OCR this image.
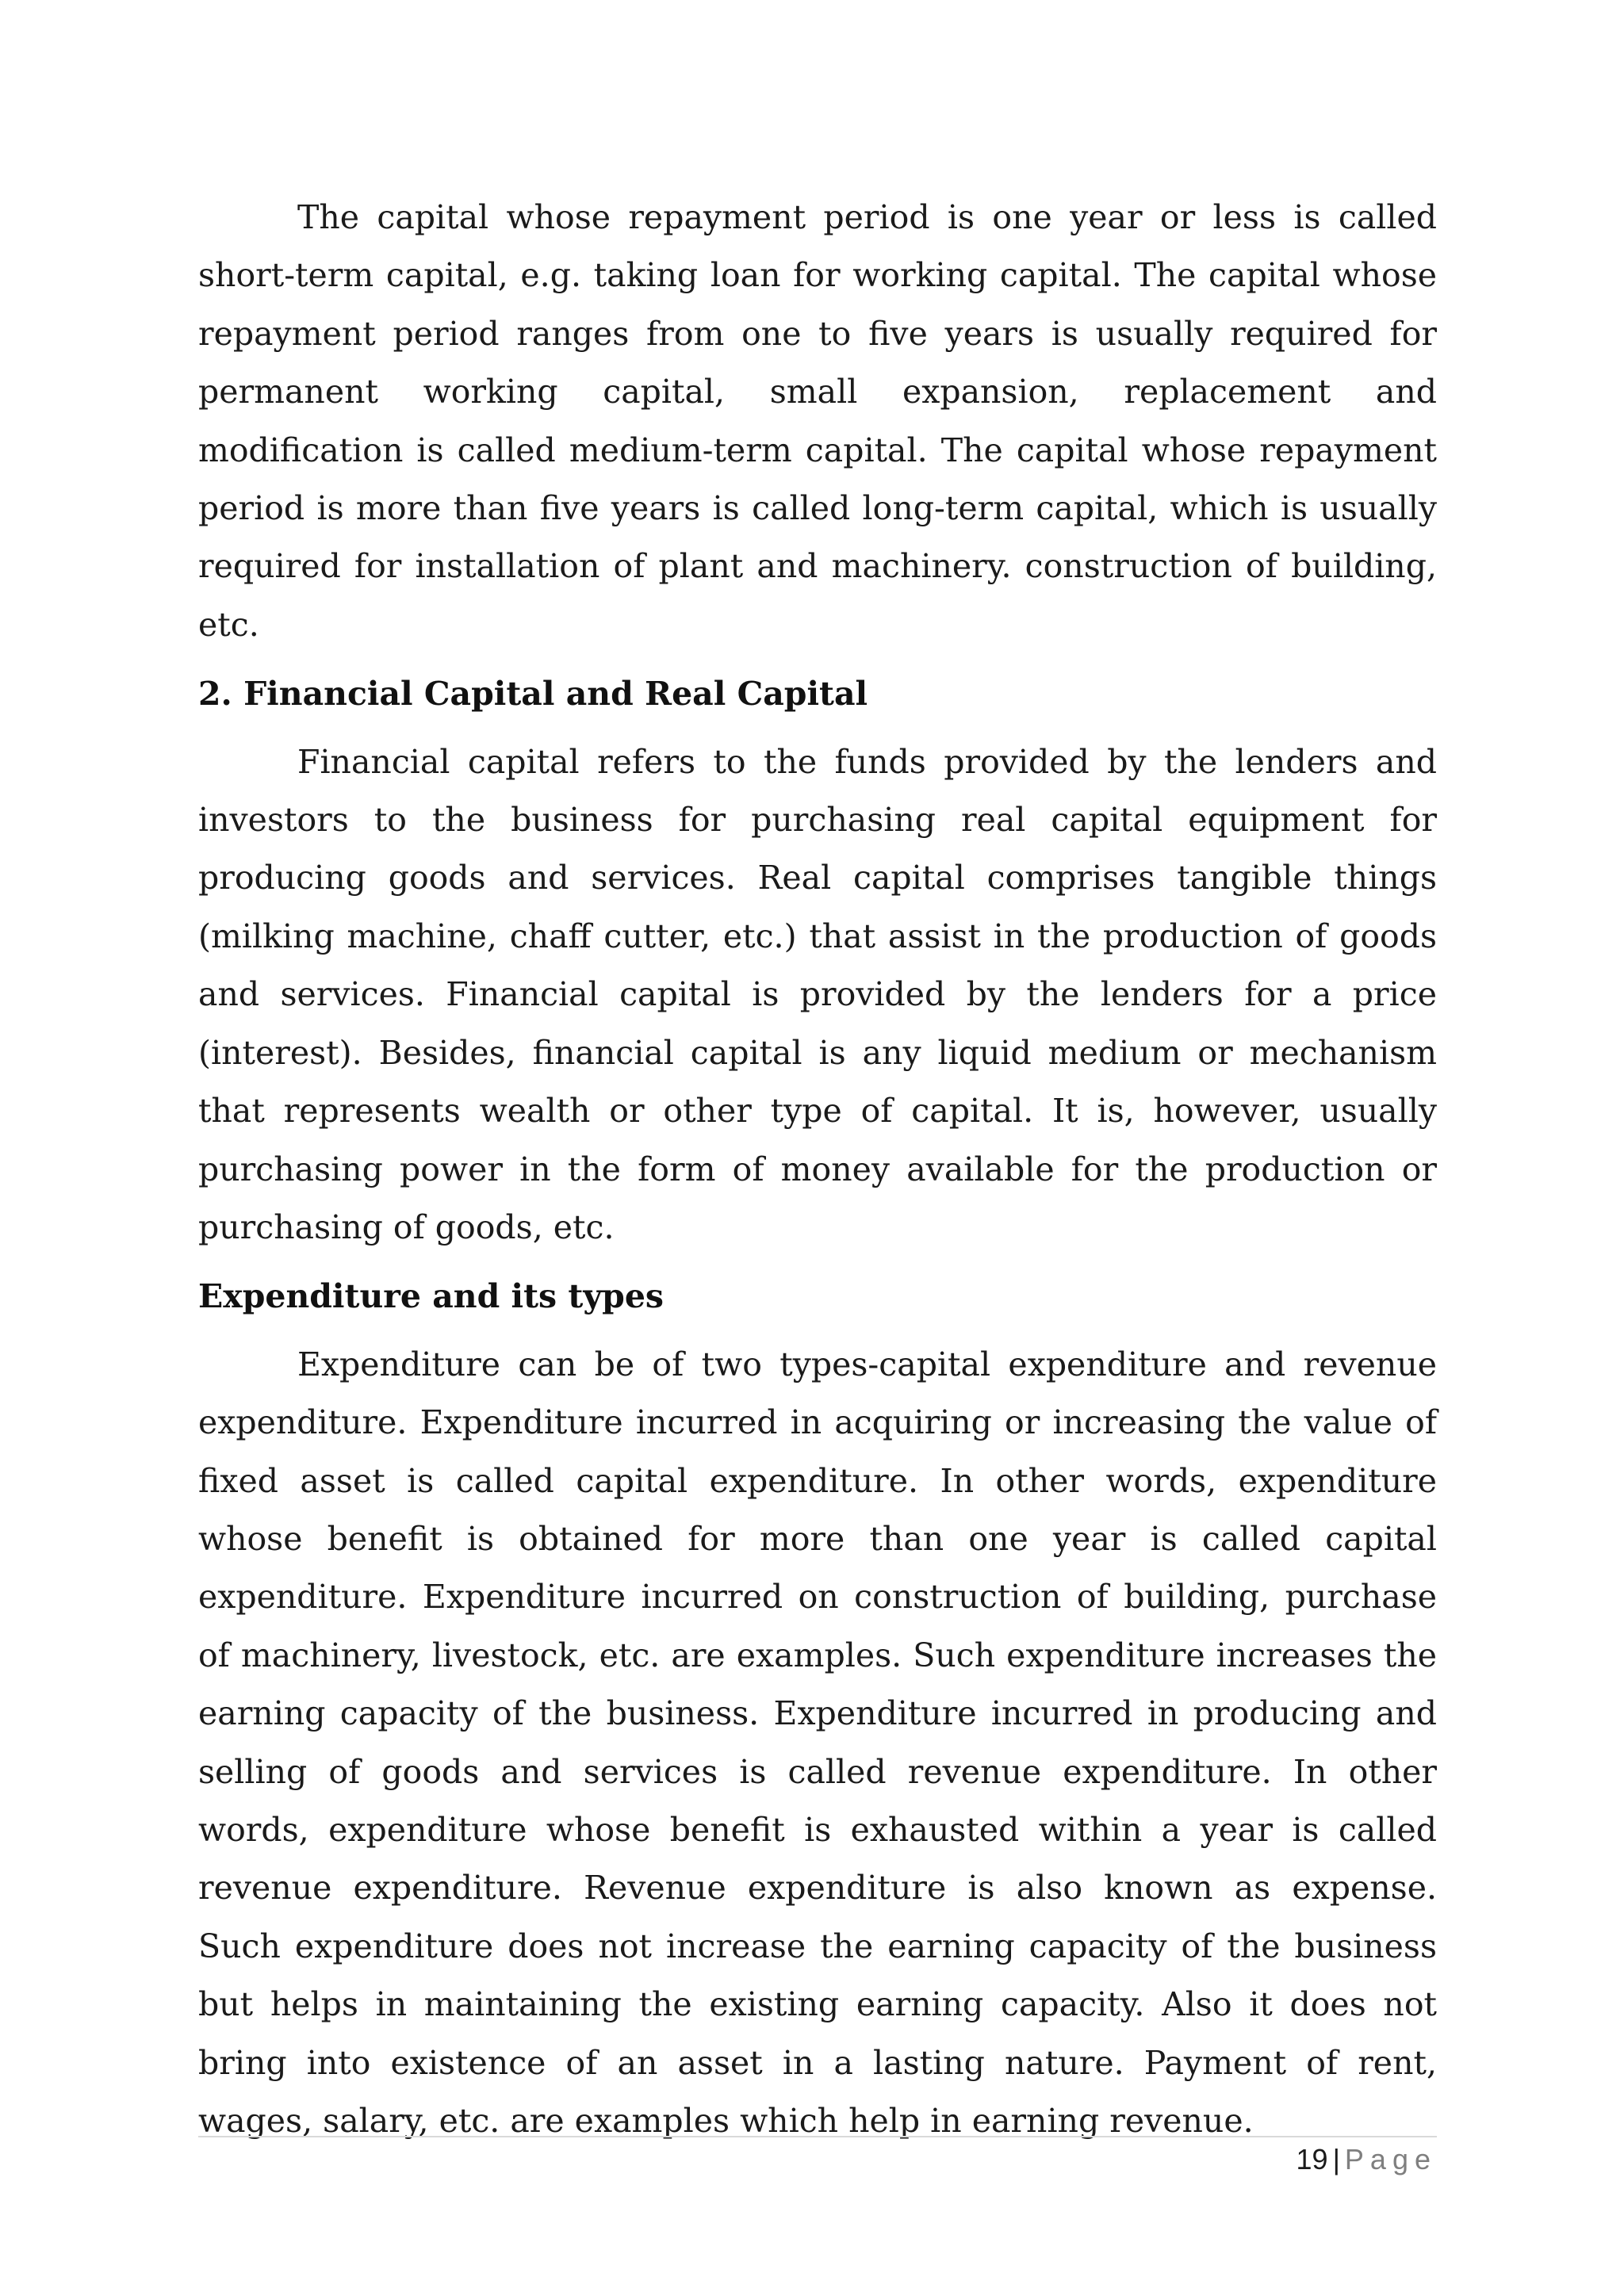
The capital whose repayment period is one year or less is called short-term capital, e.g. taking loan for working capital. The capital whose repayment period ranges from one to five years is usually required for permanent working capital, small expansion, replacement and modification is called medium-term capital. The capital whose repayment period is more than five years is called long-term capital, which is usually required for installation of plant and machinery. construction of building, etc.

2. Financial Capital and Real Capital

Financial capital refers to the funds provided by the lenders and investors to the business for purchasing real capital equipment for producing goods and services. Real capital comprises tangible things (milking machine, chaff cutter, etc.) that assist in the production of goods and services. Financial capital is provided by the lenders for a price (interest). Besides, financial capital is any liquid medium or mechanism that represents wealth or other type of capital. It is, however, usually purchasing power in the form of money available for the production or purchasing of goods, etc.

Expenditure and its types

Expenditure can be of two types-capital expenditure and revenue expenditure. Expenditure incurred in acquiring or increasing the value of fixed asset is called capital expenditure. In other words, expenditure whose benefit is obtained for more than one year is called capital expenditure. Expenditure incurred on construction of building, purchase of machinery, livestock, etc. are examples. Such expenditure increases the earning capacity of the business. Expenditure incurred in producing and selling of goods and services is called revenue expenditure. In other words, expenditure whose benefit is exhausted within a year is called revenue expenditure. Revenue expenditure is also known as expense. Such expenditure does not increase the earning capacity of the business but helps in maintaining the existing earning capacity. Also it does not bring into existence of an asset in a lasting nature. Payment of rent, wages, salary, etc. are examples which help in earning revenue.

19 | Page
